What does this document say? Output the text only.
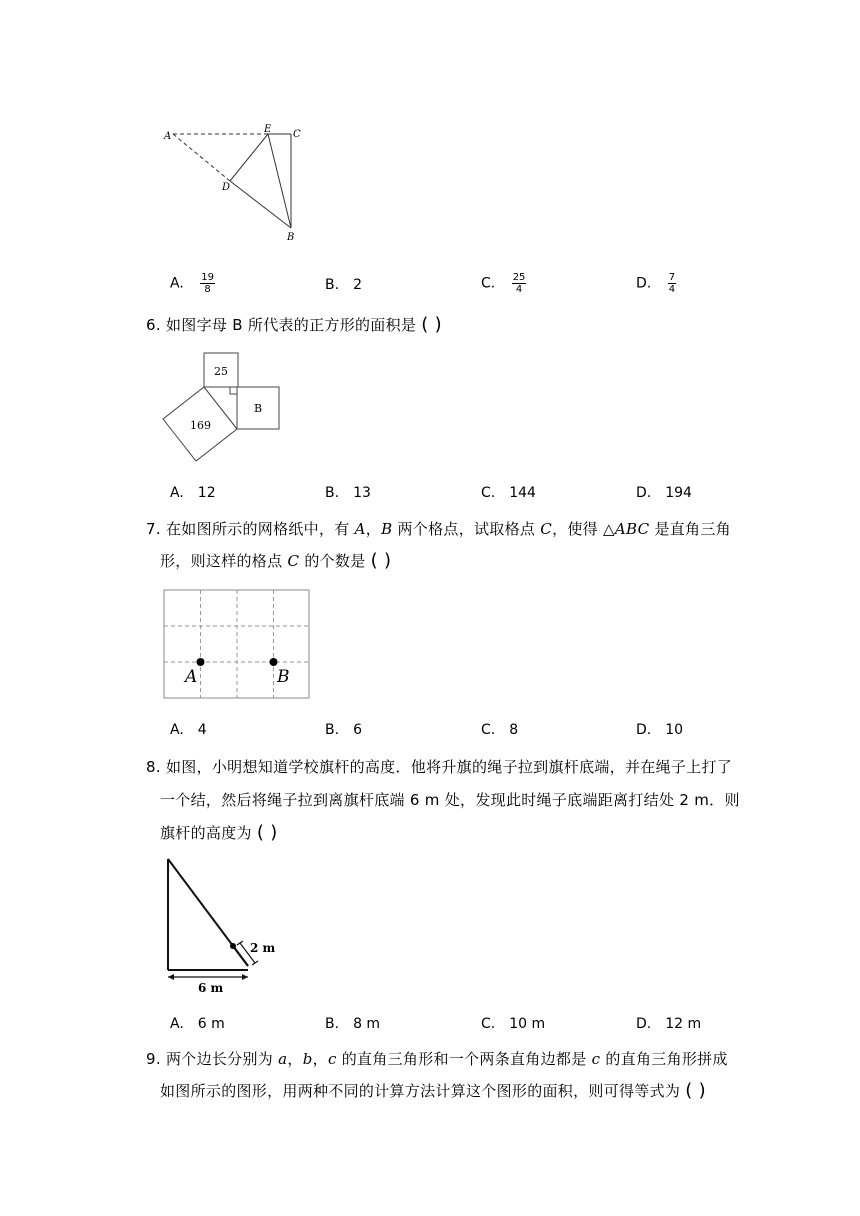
A
E C
D
B
A. $\frac{19}{8}$	B. 2	C. $\frac{25}{4}$	D. $\frac{7}{4}$
6. 如图字母 B 所代表的正方形的面积是 ( )
25
B
169
A. 12	B. 13	C. 144	D. 194
7. 在如图所示的网格纸中，有 A，B 两个格点，试取格点 C，使得 △ABC 是直角三角
形，则这样的格点 C 的个数是 ( )
A	B
A. 4	B. 6	C. 8	D. 10
8. 如图，小明想知道学校旗杆的高度．他将升旗的绳子拉到旗杆底端，并在绳子上打了
一个结，然后将绳子拉到离旗杆底端 6 m 处，发现此时绳子底端距离打结处 2 m．则
旗杆的高度为 ( )
2 m
6 m
A. 6 m	B. 8 m	C. 10 m	D. 12 m
9. 两个边长分别为 a，b，c 的直角三角形和一个两条直角边都是 c 的直角三角形拼成
如图所示的图形，用两种不同的计算方法计算这个图形的面积，则可得等式为 ( )
